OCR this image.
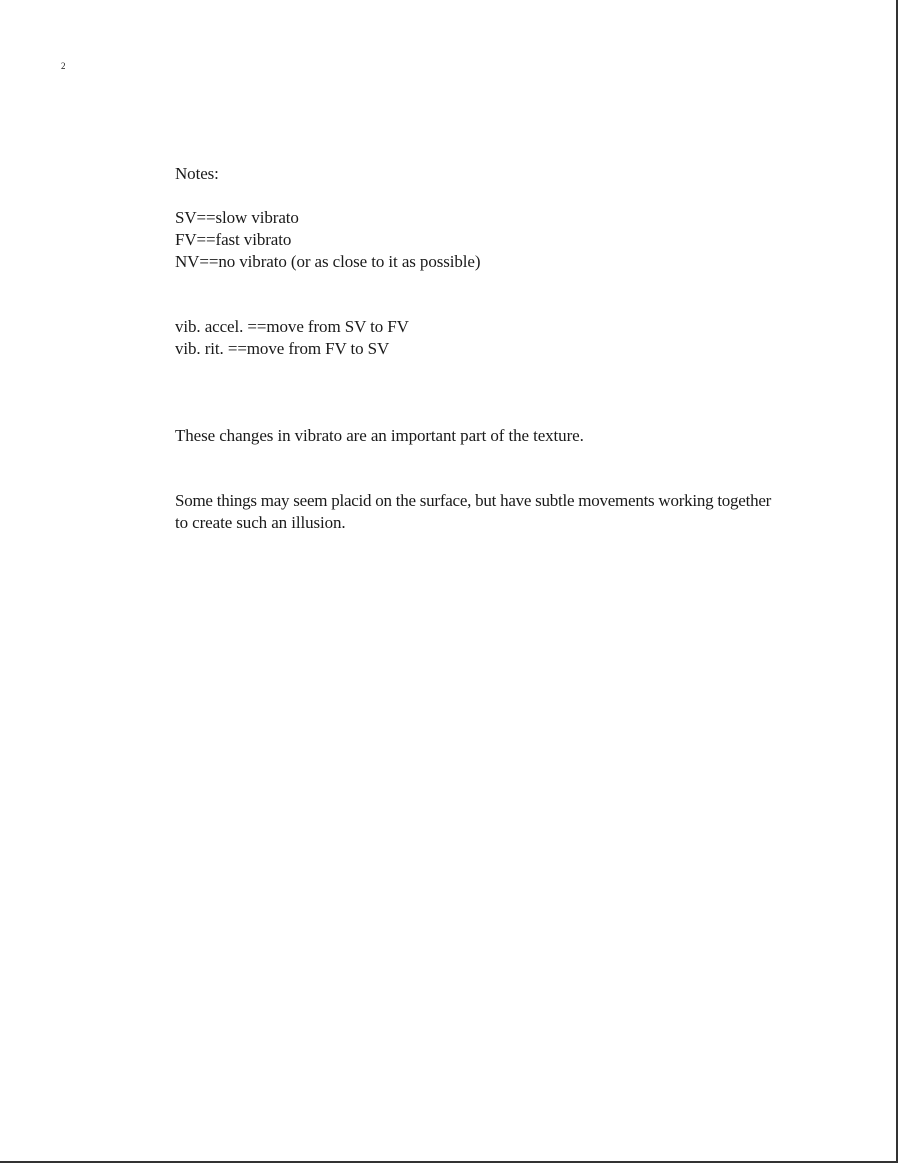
2
Notes:
SV==slow vibrato
FV==fast vibrato
NV==no vibrato (or as close to it as possible)
vib. accel. ==move from SV to FV
vib. rit. ==move from FV to SV
These changes in vibrato are an important part of the texture.
Some things may seem placid on the surface, but have subtle movements working together
to create such an illusion.
